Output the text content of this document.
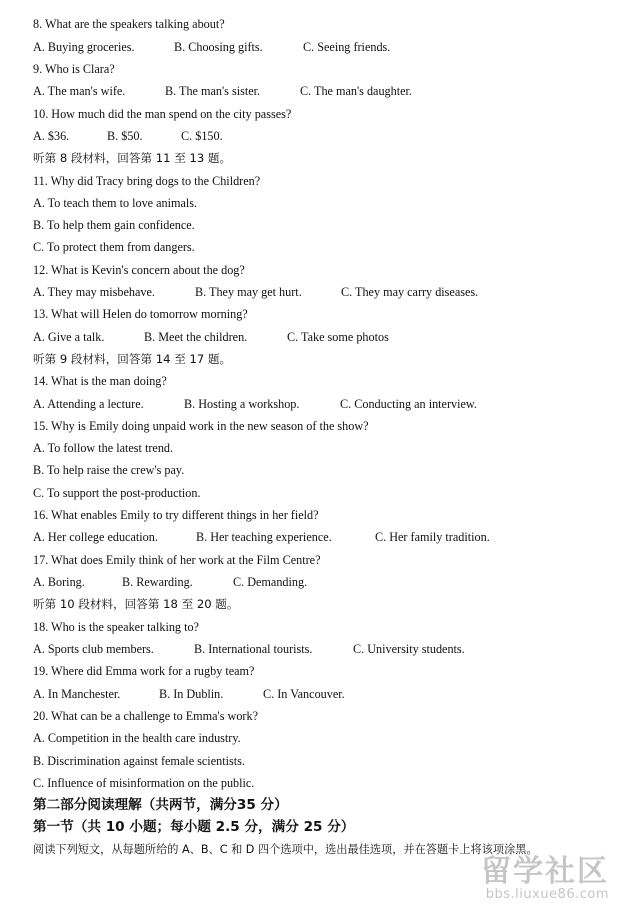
8. What are the speakers talking about?
A. Buying groceries.	B. Choosing gifts.	C. Seeing friends.
9. Who is Clara?
A. The man's wife.	B. The man's sister.	C. The man's daughter.
10. How much did the man spend on the city passes?
A. $36.	B. $50.	C. $150.
听第 8 段材料，回答第 11 至 13 题。
11. Why did Tracy bring dogs to the Children?
A. To teach them to love animals.
B. To help them gain confidence.
C. To protect them from dangers.
12. What is Kevin's concern about the dog?
A. They may misbehave.	B. They may get hurt.	C. They may carry diseases.
13. What will Helen do tomorrow morning?
A. Give a talk.	B. Meet the children.	C. Take some photos
听第 9 段材料，回答第 14 至 17 题。
14. What is the man doing?
A. Attending a lecture.	B. Hosting a workshop.	C. Conducting an interview.
15. Why is Emily doing unpaid work in the new season of the show?
A. To follow the latest trend.
B. To help raise the crew's pay.
C. To support the post-production.
16. What enables Emily to try different things in her field?
A. Her college education.	B. Her teaching experience.	C. Her family tradition.
17. What does Emily think of her work at the Film Centre?
A. Boring.	B. Rewarding.	C. Demanding.
听第 10 段材料，回答第 18 至 20 题。
18. Who is the speaker talking to?
A. Sports club members.	B. International tourists.	C. University students.
19. Where did Emma work for a rugby team?
A. In Manchester.	B. In Dublin.	C. In Vancouver.
20. What can be a challenge to Emma's work?
A. Competition in the health care industry.
B. Discrimination against female scientists.
C. Influence of misinformation on the public.
第二部分阅读理解（共两节，满分35 分）
第一节（共 10 小题；每小题 2.5 分，满分 25 分）
阅读下列短文，从每题所给的 A、B、C 和 D 四个选项中，选出最佳选项，并在答题卡上将该项涂黑。
留学社区
bbs.liuxue86.com
